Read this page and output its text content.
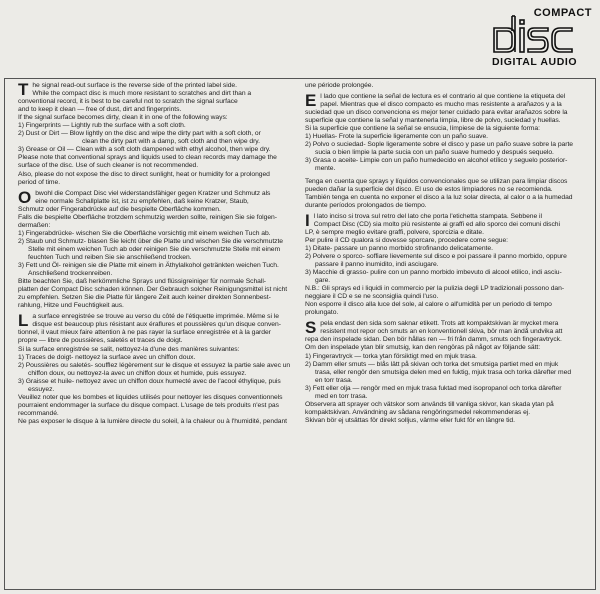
COMPACT
DIGITAL AUDIO
T he signal read-out surface is the reverse side of the printed label side.
While the compact disc is much more resistant to scratches and dirt than a
conventional record, it is best to be careful not to scratch the signal surface
and to keep it clean — free of dust, dirt and fingerprints.
If the signal surface becomes dirty, clean it in one of the following ways:
1) Fingerprints — Lightly rub the surface with a soft cloth.
2) Dust or Dirt — Blow lightly on the disc and wipe the dirty part with a soft cloth, or
clean the dirty part with a damp, soft cloth and then wipe dry.
3) Grease or Oil — Clean with a soft cloth dampened with ethyl alcohol, then wipe dry.
Please note that conventional sprays and liquids used to clean records may damage the
surface of the disc. Use of such cleaner is not recommended.
Also, please do not expose the disc to direct sunlight, heat or humidity for a prolonged
period of time.
O bwohl die Compact Disc viel widerstandsfähiger gegen Kratzer und Schmutz als
eine normale Schallplatte ist, ist zu empfehlen, daß keine Kratzer, Staub,
Schmutz oder Fingerabdrücke auf die bespielte Oberfläche kommen.
Falls die bespielte Oberfläche trotzdem schmutzig werden sollte, reinigen Sie sie folgen-
dermaßen:
1) Fingerabdrücke- wischen Sie die Oberfläche vorsichtig mit einem weichen Tuch ab.
2) Staub und Schmutz- blasen Sie leicht über die Platte und wischen Sie die verschmutzte
Stelle mit einem weichen Tuch ab oder reinigen Sie die verschmutzte Stelle mit einem
feuchten Tuch und reiben Sie sie anschließend trocken.
3) Fett und Öl- reinigen sie die Platte mit einem in Äthylalkohol getränkten weichen Tuch.
Anschließend trockenreiben.
Bitte beachten Sie, daß herkömmliche Sprays und flüssigreiniger für normale Schall-
platten der Compact Disc schaden können. Der Gebrauch solcher Reinigungsmittel ist nicht
zu empfehlen. Setzen Sie die Platte für längere Zeit auch keiner direkten Sonnenbest-
rahlung, Hitze und Feuchtigkeit aus.
L a surface enregistrée se trouve au verso du côté de l'étiquette imprimée. Même si le
disque est beaucoup plus résistant aux éraflures et poussières qu'un disque conven-
tionnel, il vaut mieux faire attention à ne pas rayer la surface enregistrée et à la garder
propre — libre de poussières, saletés et traces de doigt.
Si la surface enregistrée se salit, nettoyez-la d'une des manières suivantes:
1) Traces de doigt- nettoyez la surface avec un chiffon doux.
2) Poussières ou saletés- soufflez légèrement sur le disque et essuyez la partie sale avec un
chiffon doux, ou nettoyez-la avec un chiffon doux et humide, puis essuyez.
3) Graisse et huile- nettoyez avec un chiffon doux humecté avec de l'acool éthylique, puis
essuyez.
Veuillez noter que les bombes et liquides utilisés pour nettoyer les disques conventionnels
pourraient endommager la surface du disque compact. L'usage de tels produits n'est pas
recommandé.
Ne pas exposer le disque à la lumière directe du soleil, à la chaleur ou à l'humidité, pendant
une période prolongée.
E l lado que contiene la señal de lectura es el contrario al que contiene la etiqueta del
papel. Mientras que el disco compacto es mucho mas resistente a arañazos y a la
suciedad que un disco convenciona es mejor tener cuidado para evitar arañazos sobre la
superficie que contiene la señal y mantenerla limpia, libre de polvo, suciedad y huellas.
Si la superficie que contiene la señal se ensucia, límpiese de la siguiente forma:
1) Huellas- Frote la superficie ligeramente con un paño suave.
2) Polvo o suciedad- Sople ligeramente sobre el disco y pase un paño suave sobre la parte
sucia o bien limpie la parte sucia con un paño suave humedo y después sequelo.
3) Grasa o aceite- Limpie con un paño humedecido en alcohol etílico y seguelo posterior-
mente.
Tenga en cuenta que sprays y líquidos convencionales que se utilizan para limpiar discos
pueden dañar la superficie del disco. El uso de estos limpiadores no se recomienda.
También tenga en cuenta no exponer el disco a la luz solar directa, al calor o a la humedad
durante períodos prolongados de tiempo.
I l lato inciso si trova sul retro del lato che porta l'etichetta stampata. Sebbene il
Compact Disc (CD) sia molto più resistente ai graffi ed allo sporco dei comuni dischi
LP, è sempre meglio evitare graffi, polvere, sporcizia e ditate.
Per pulire il CD qualora si dovesse sporcare, procedere come segue:
1) Ditate- passare un panno morbido strofinando delicatamente.
2) Polvere o sporco- soffiare lievemente sul disco e poi passare il panno morbido, oppure
passare il panno inumidito, indi asciugare.
3) Macchie di grasso- pulire con un panno morbido imbevuto di alcool etilico, indi asciu-
gare.
N.B.: Gli sprays ed i liquidi in commercio per la pulizia degli LP tradizionali possono dan-
neggiare il CD e se ne sconsiglia quindi l'uso.
Non esporre il disco alla luce del sole, al calore o all'umidità per un periodo di tempo
prolungato.
S pela endast den sida som saknar etikett. Trots att kompaktskivan är mycket mera
resistent mot repor och smuts an en konventionell skiva, bör man ändå undvika att
repa den inspelade sidan. Den bör hållas ren — fri från damm, smuts och fingeravtryck.
Om den inspelade ytan blir smutsig, kan den rengöras på något av följande sätt:
1) Fingeravtryck — torka ytan försiktigt med en mjuk trasa.
2) Damm eller smuts — blås lätt på skivan och torka det smutsiga partiet med en mjuk
trasa, eller rengör den smutsiga delen med en fuktig, mjuk trasa och torka därefter med
en torr trasa.
3) Fett eller olja — rengör med en mjuk trasa fuktad med isopropanol och torka därefter
med en torr trasa.
Observera att sprayer och vätskor som används till vanliga skivor, kan skada ytan på
kompaktskivan. Användning av sådana rengöringsmedel rekommenderas ej.
Skivan bör ej utsättas för direkt solljus, värme eller fukt för en längre tid.
